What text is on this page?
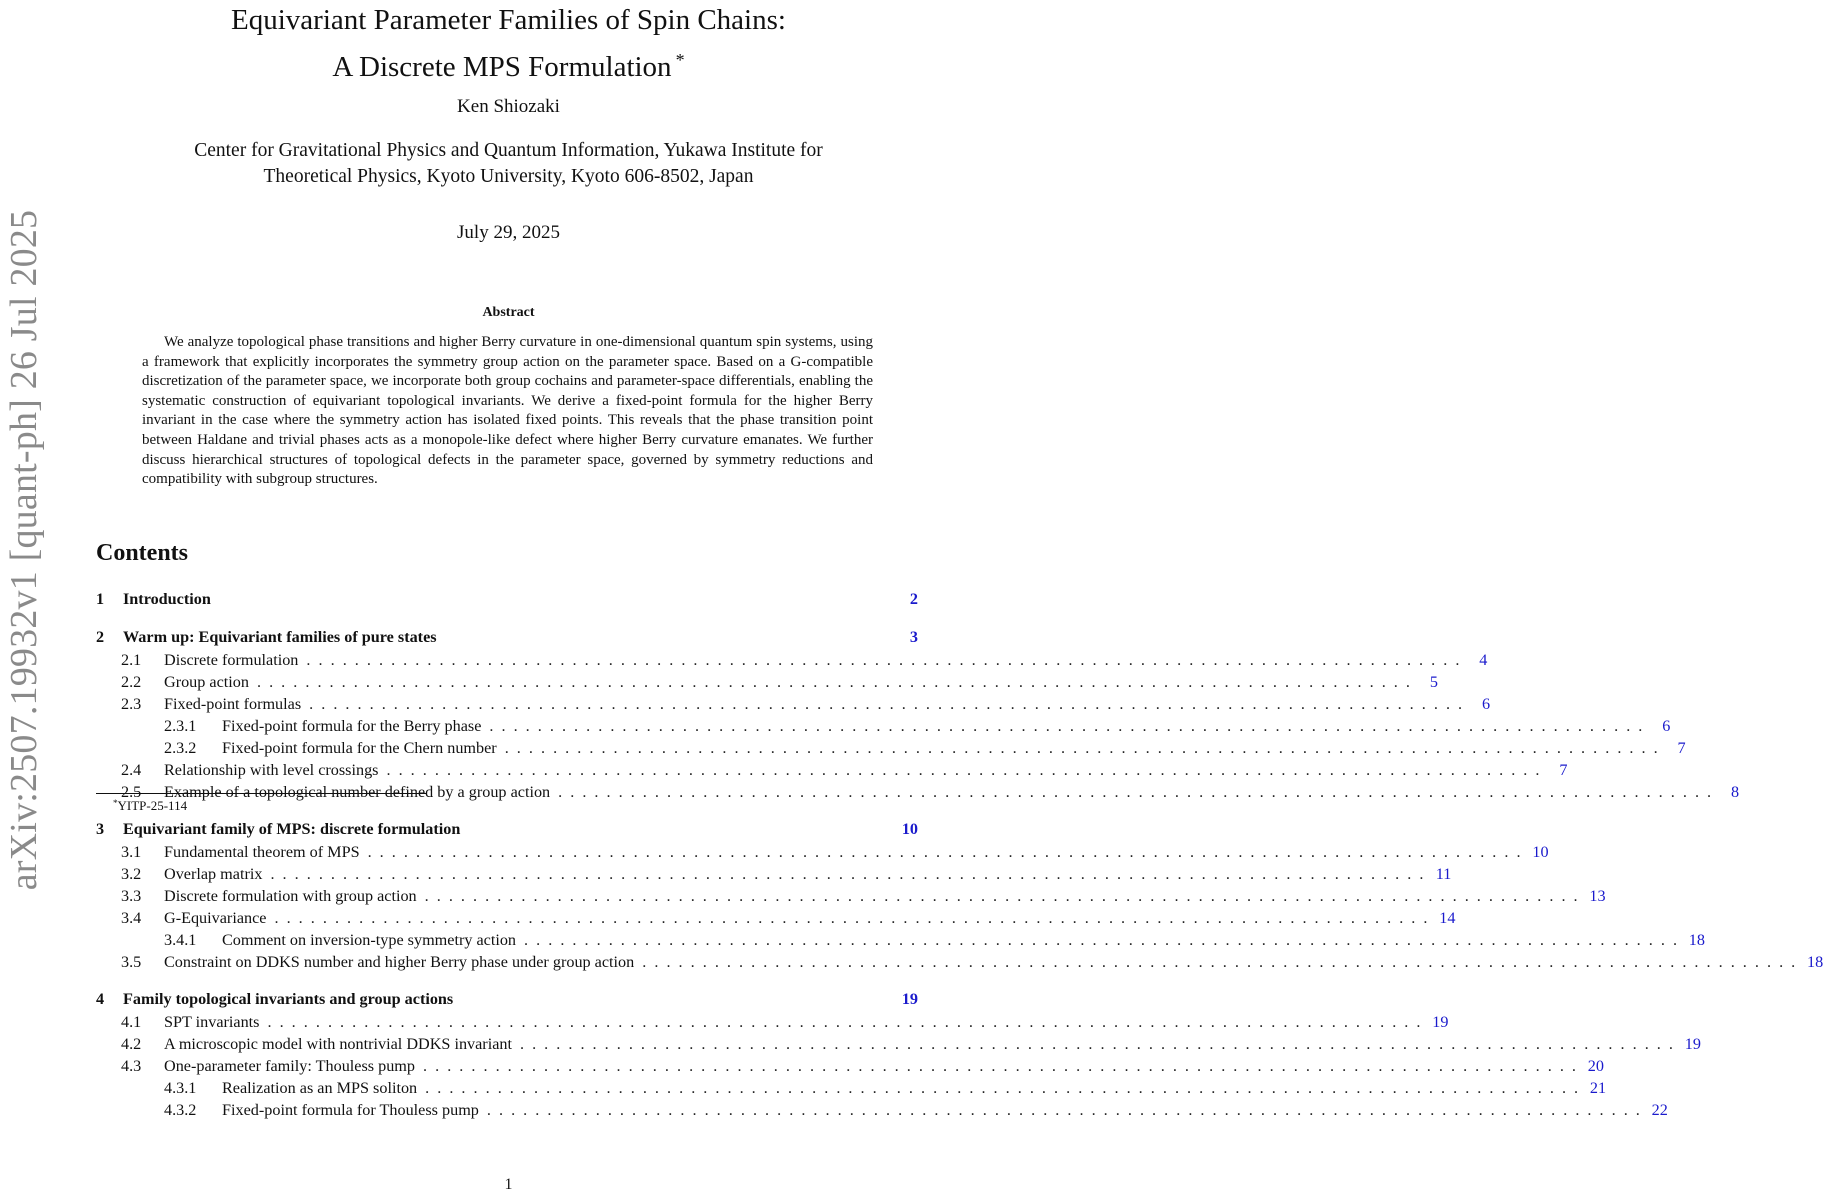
arXiv:2507.19932v1 [quant-ph] 26 Jul 2025
Equivariant Parameter Families of Spin Chains:
A Discrete MPS Formulation *
Ken Shiozaki
Center for Gravitational Physics and Quantum Information, Yukawa Institute for
Theoretical Physics, Kyoto University, Kyoto 606-8502, Japan
July 29, 2025
Abstract

We analyze topological phase transitions and higher Berry curvature in one-dimensional quantum spin systems, using a framework that explicitly incorporates the symmetry group action on the parameter space. Based on a G-compatible discretization of the parameter space, we incorporate both group cochains and parameter-space differentials, enabling the systematic construction of equivariant topological invariants. We derive a fixed-point formula for the higher Berry invariant in the case where the symmetry action has isolated fixed points. This reveals that the phase transition point between Haldane and trivial phases acts as a monopole-like defect where higher Berry curvature emanates. We further discuss hierarchical structures of topological defects in the parameter space, governed by symmetry reductions and compatibility with subgroup structures.

Contents
1	Introduction	2
2	Warm up: Equivariant families of pure states	3
2.1	Discrete formulation . . .	4
2.2	Group action . . .	5
2.3	Fixed-point formulas . . .	6
2.3.1	Fixed-point formula for the Berry phase . . .	6
2.3.2	Fixed-point formula for the Chern number . . .	7
2.4	Relationship with level crossings . . .	7
2.5	Example of a topological number defined by a group action . . .	8
3	Equivariant family of MPS: discrete formulation	10
3.1	Fundamental theorem of MPS . . .	10
3.2	Overlap matrix . . .	11
3.3	Discrete formulation with group action . . .	13
3.4	G-Equivariance . . .	14
3.4.1	Comment on inversion-type symmetry action . . .	18
3.5	Constraint on DDKS number and higher Berry phase under group action . . .	18
4	Family topological invariants and group actions	19
4.1	SPT invariants . . .	19
4.2	A microscopic model with nontrivial DDKS invariant . . .	19
4.3	One-parameter family: Thouless pump . . .	20
4.3.1	Realization as an MPS soliton . . .	21
4.3.2	Fixed-point formula for Thouless pump . . .	22
*YITP-25-114
1
